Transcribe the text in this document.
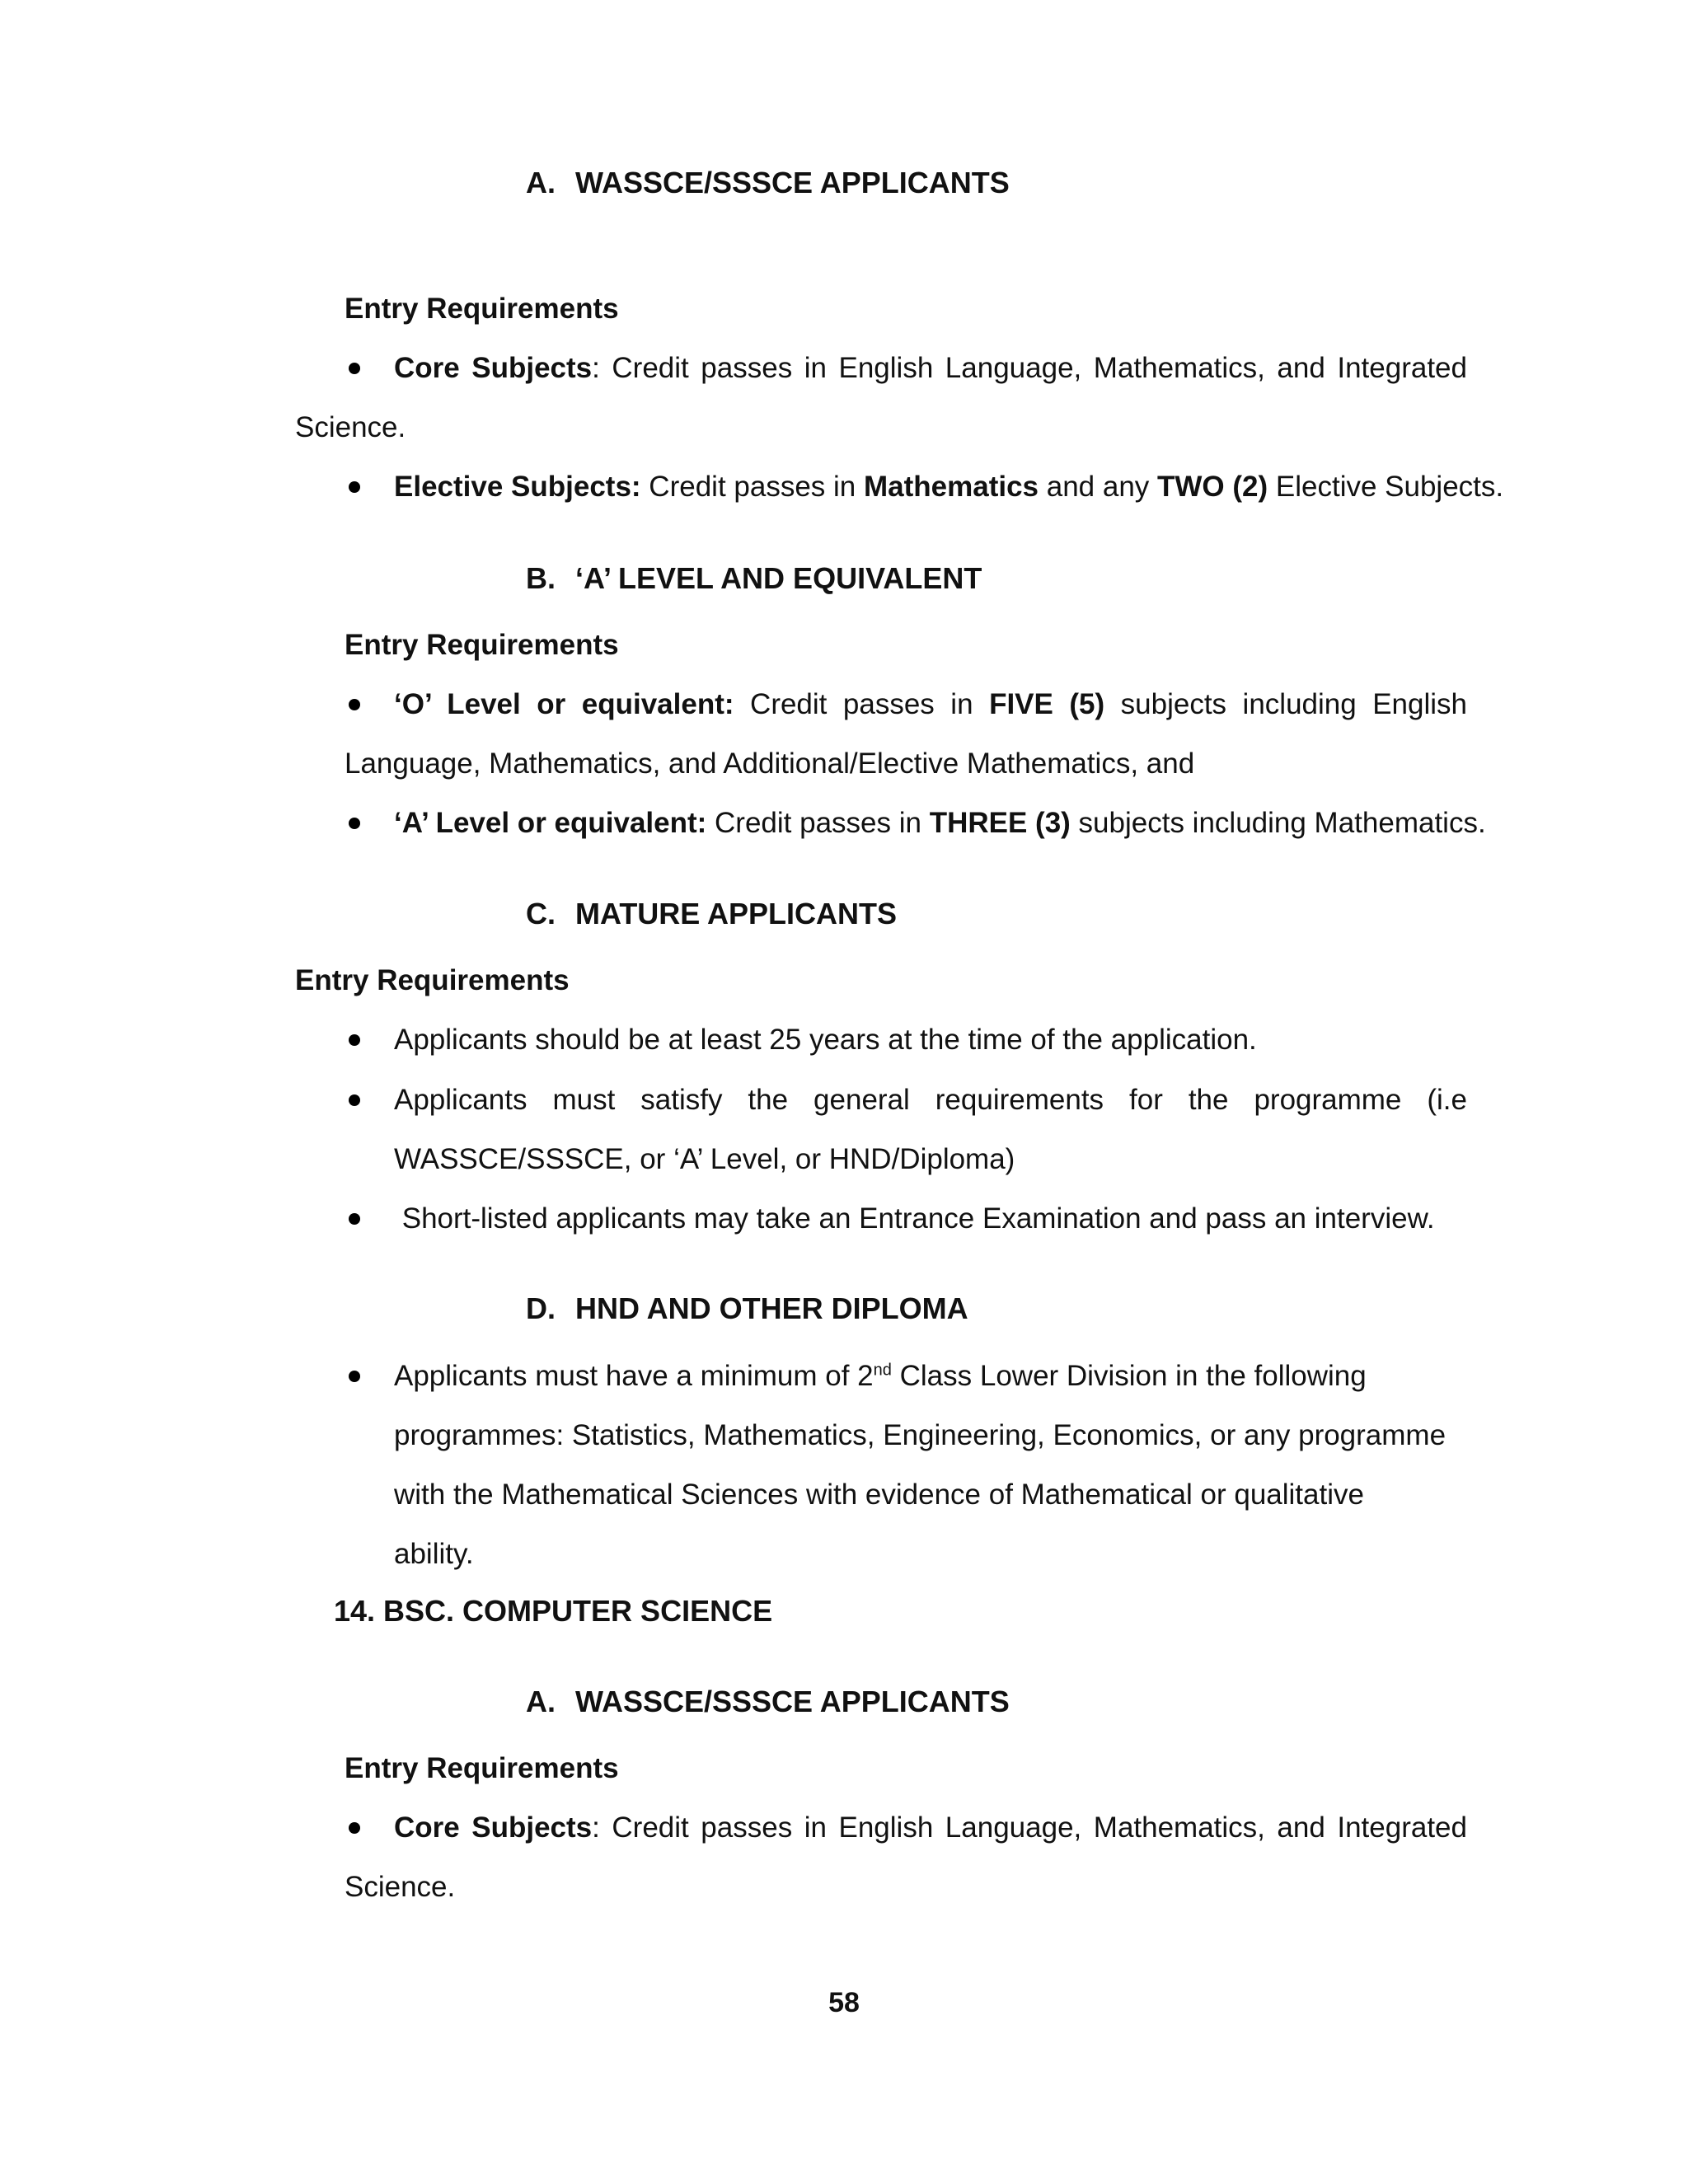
A. WASSCE/SSSCE APPLICANTS
Entry Requirements
Core Subjects: Credit passes in English Language, Mathematics, and Integrated
Science.
Elective Subjects: Credit passes in Mathematics and any TWO (2) Elective Subjects.
B. ‘A’ LEVEL AND EQUIVALENT
Entry Requirements
‘O’ Level or equivalent: Credit passes in FIVE (5) subjects including English
Language, Mathematics, and Additional/Elective Mathematics, and
‘A’ Level or equivalent: Credit passes in THREE (3) subjects including Mathematics.
C. MATURE APPLICANTS
Entry Requirements
Applicants should be at least 25 years at the time of the application.
Applicants must satisfy the general requirements for the programme (i.e
WASSCE/SSSCE, or ‘A’ Level, or HND/Diploma)
Short-listed applicants may take an Entrance Examination and pass an interview.
D. HND AND OTHER DIPLOMA
Applicants must have a minimum of 2nd Class Lower Division in the following
programmes: Statistics, Mathematics, Engineering, Economics, or any programme
with the Mathematical Sciences with evidence of Mathematical or qualitative
ability.
14. BSC. COMPUTER SCIENCE
A. WASSCE/SSSCE APPLICANTS
Entry Requirements
Core Subjects: Credit passes in English Language, Mathematics, and Integrated
Science.
58
